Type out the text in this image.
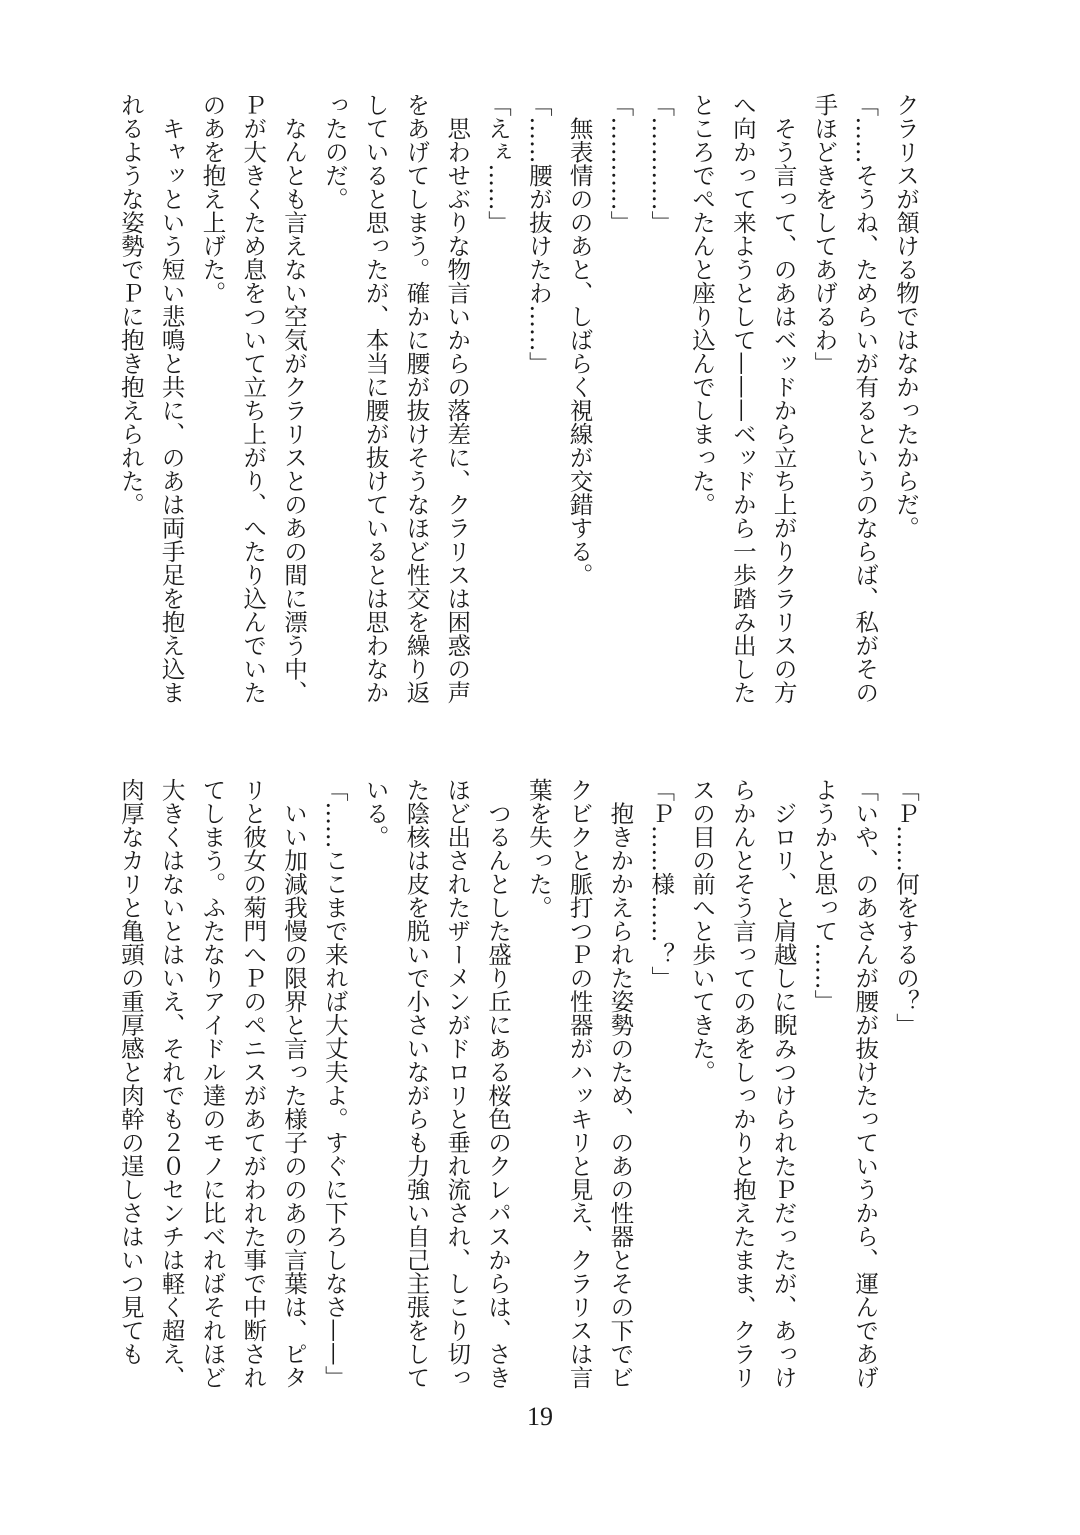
クラリスが頷ける物ではなかったからだ。

「……そうね、ためらいが有るというのならば、私がその手ほどきをしてあげるわ」

　そう言って、のあはベッドから立ち上がりクラリスの方へ向かって来ようとして———ベッドから一歩踏み出したところでぺたんと座り込んでしまった。

「…………」

「…………」

　無表情ののあと、しばらく視線が交錯する。

「……腰が抜けたわ……」

「えぇ……」

　思わせぶりな物言いからの落差に、クラリスは困惑の声をあげてしまう。確かに腰が抜けそうなほど性交を繰り返していると思ったが、本当に腰が抜けているとは思わなかったのだ。

　なんとも言えない空気がクラリスとのあの間に漂う中、Ｐが大きくため息をついて立ち上がり、へたり込んでいたのあを抱え上げた。

　キャッという短い悲鳴と共に、のあは両手足を抱え込まれるような姿勢でＰに抱き抱えられた。

「Ｐ……何をするの？」

「いや、のあさんが腰が抜けたっていうから、運んであげようかと思って……」

　ジロリ、と肩越しに睨みつけられたＰだったが、あっけらかんとそう言ってのあをしっかりと抱えたまま、クラリスの目の前へと歩いてきた。

「Ｐ……様……？」

　抱きかかえられた姿勢のため、のあの性器とその下でビクビクと脈打つＰの性器がハッキリと見え、クラリスは言葉を失った。

　つるんとした盛り丘にある桜色のクレパスからは、さきほど出されたザーメンがドロリと垂れ流され、しこり切った陰核は皮を脱いで小さいながらも力強い自己主張をしている。

「……ここまで来れば大丈夫よ。すぐに下ろしなさ——」

　いい加減我慢の限界と言った様子ののあの言葉は、ピタリと彼女の菊門へＰのペニスがあてがわれた事で中断されてしまう。ふたなりアイドル達のモノに比べればそれほど大きくはないとはいえ、それでも２０センチは軽く超え、肉厚なカリと亀頭の重厚感と肉幹の逞しさはいつ見ても

19
